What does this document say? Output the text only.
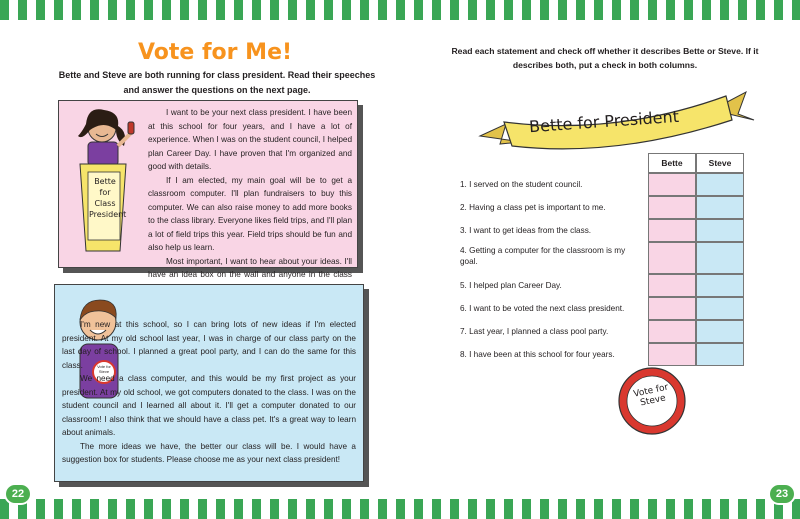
Vote for Me!

Bette and Steve are both running for class president. Read their speeches and answer the questions on the next page.

Bette for Class President
I want to be your next class president. I have been at this school for four years, and I have a lot of experience. When I was on the student council, I helped plan Career Day. I have proven that I'm organized and good with details.
If I am elected, my main goal will be to get a classroom computer. I'll plan fundraisers to buy this computer. We can also raise money to add more books to the class library. Everyone likes field trips, and I'll plan a lot of field trips this year. Field trips should be fun and also help us learn.
Most important, I want to hear about your ideas. I'll have an idea box on the wall and anyone in the class
I'm new at this school, so I can bring lots of new ideas if I'm elected president. At my old school last year, I was in charge of our class party on the last day of school. I planned a great pool party, and I can do the same for this class.
We need a class computer, and this would be my first project as your president. At my old school, we got computers donated to the class. I was on the student council and I learned all about it. I'll get a computer donated to our classroom! I also think that we should have a class pet. It's a great way to learn about animals.
The more ideas we have, the better our class will be. I would have a suggestion box for students. Please choose me as your next class president!
Vote for Steve
22

Read each statement and check off whether it describes Bette or Steve. If it describes both, put a check in both columns.

Bette for President
Bette	Steve
1. I served on the student council.
2. Having a class pet is important to me.
3. I want to get ideas from the class.
4. Getting a computer for the classroom is my goal.
5. I helped plan Career Day.
6. I want to be voted the next class president.
7. Last year, I planned a class pool party.
8. I have been at this school for four years.
Vote for Steve
23
